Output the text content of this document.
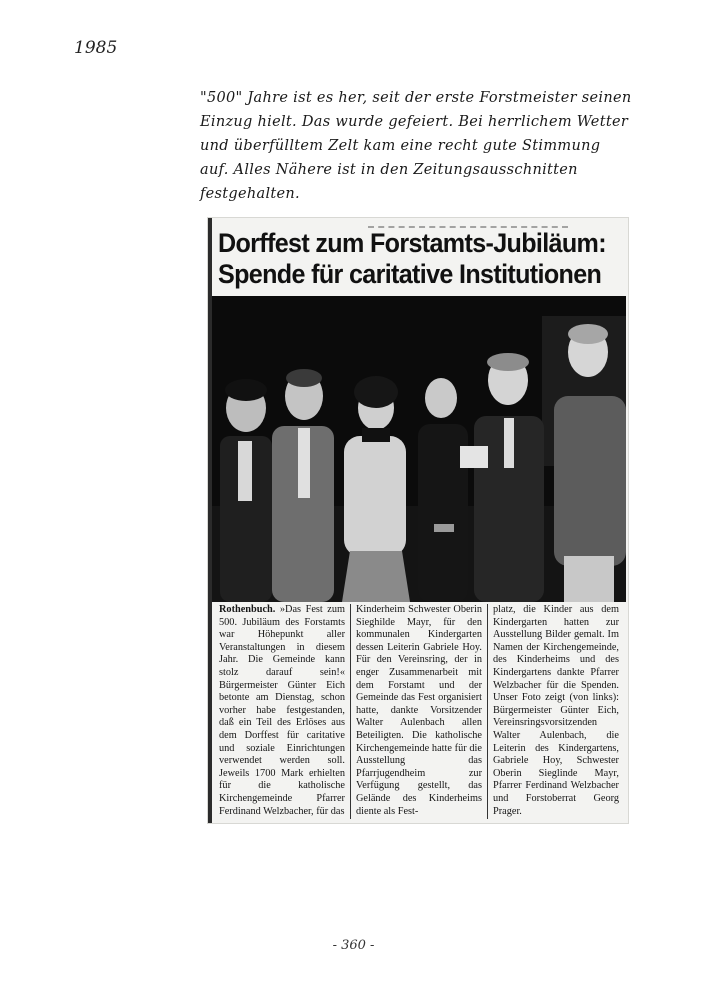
1985
"500" Jahre ist es her, seit der erste Forstmeister seinen
Einzug hielt. Das wurde gefeiert. Bei herrlichem Wetter
und überfülltem Zelt kam eine recht gute Stimmung
auf. Alles Nähere ist in den Zeitungsausschnitten
festgehalten.
Dorffest zum Forstamts-Jubiläum:
Spende für caritative Institutionen

Rothenbuch. »Das Fest zum 500. Jubiläum des Forstamts war Höhepunkt aller Veranstaltungen in diesem Jahr. Die Gemeinde kann stolz darauf sein!« Bürgermeister Günter Eich betonte am Dienstag, schon vorher habe festgestanden, daß ein Teil des Erlöses aus dem Dorffest für caritative und soziale Einrichtungen verwendet werden soll. Jeweils 1700 Mark erhielten für die katholische Kirchengemeinde Pfarrer Ferdinand Welzbacher, für das

Kinderheim Schwester Oberin Sieghilde Mayr, für den kommunalen Kindergarten dessen Leiterin Gabriele Hoy. Für den Vereinsring, der in enger Zusammenarbeit mit dem Forstamt und der Gemeinde das Fest organisiert hatte, dankte Vorsitzender Walter Aulenbach allen Beteiligten. Die katholische Kirchengemeinde hatte für die Ausstellung das Pfarrjugendheim zur Verfügung gestellt, das Gelände des Kinderheims diente als Fest-

platz, die Kinder aus dem Kindergarten hatten zur Ausstellung Bilder gemalt. Im Namen der Kirchengemeinde, des Kinderheims und des Kindergartens dankte Pfarrer Welzbacher für die Spenden. Unser Foto zeigt (von links): Bürgermeister Günter Eich, Vereinsringsvorsitzenden Walter Aulenbach, die Leiterin des Kindergartens, Gabriele Hoy, Schwester Oberin Sieglinde Mayr, Pfarrer Ferdinand Welzbacher und Forstoberrat Georg Prager.

- 360 -
